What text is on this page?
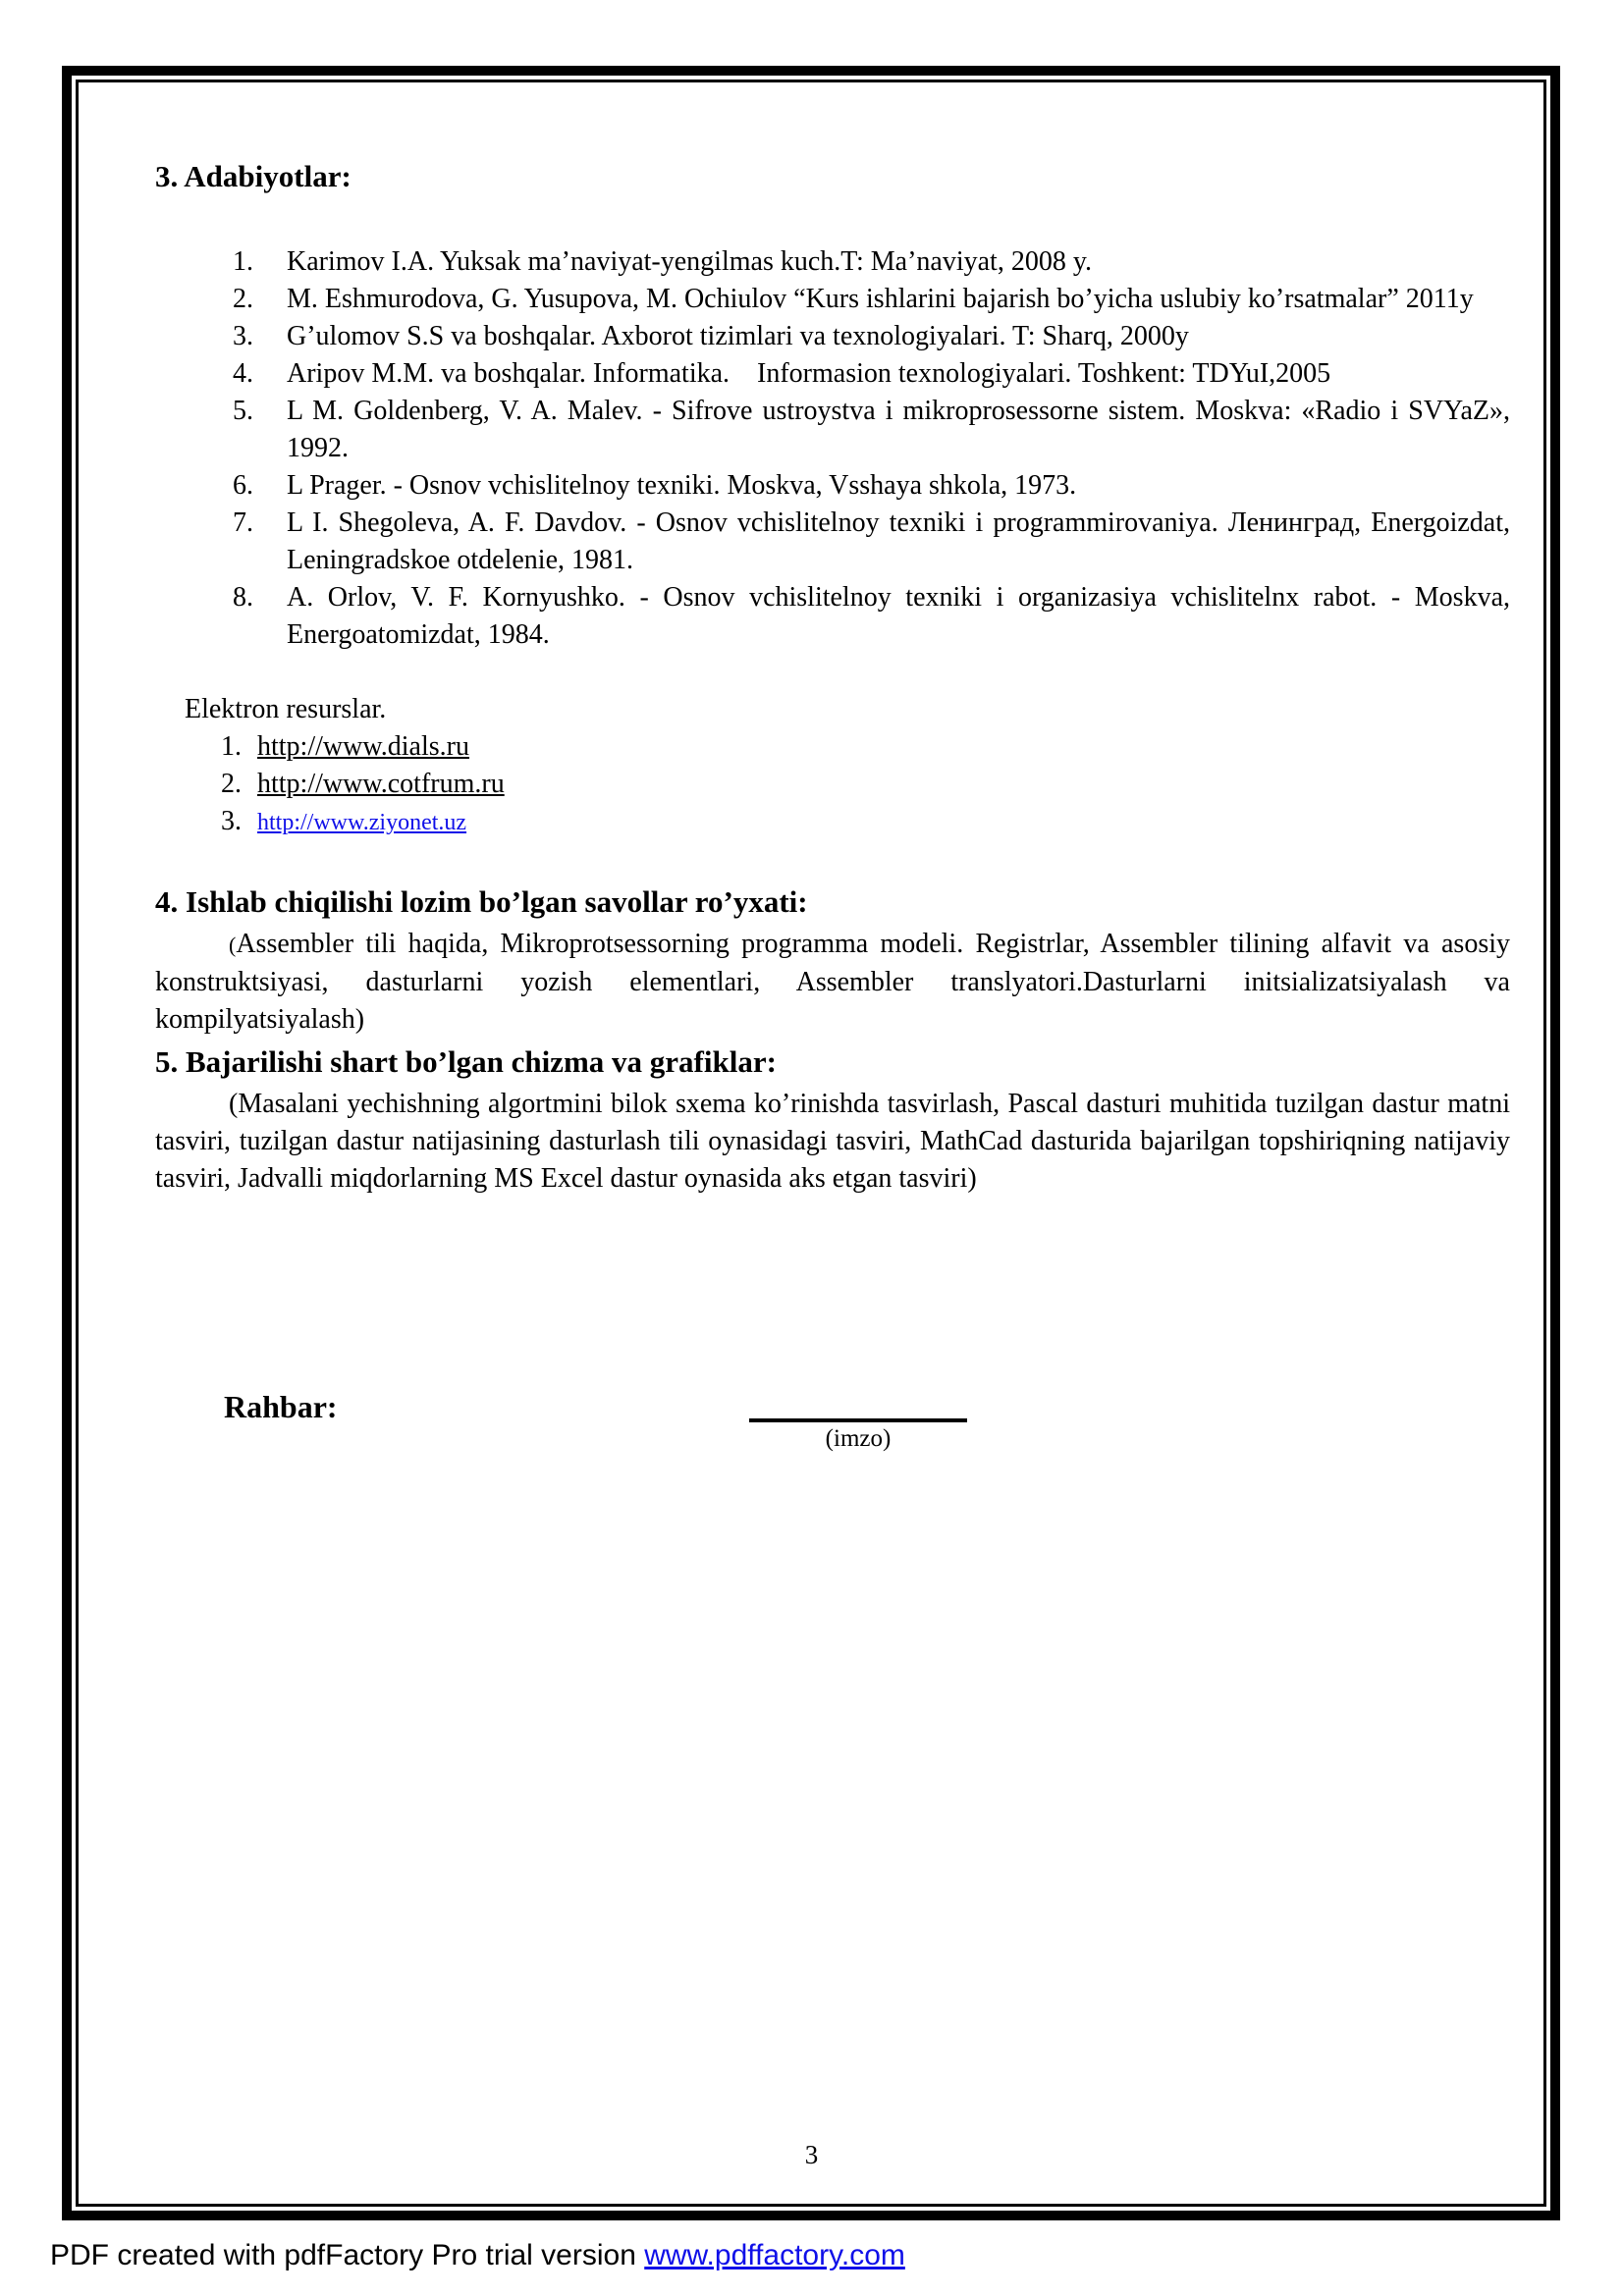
3. Adabiyotlar:
1. Karimov I.A. Yuksak ma’naviyat-yengilmas kuch.T: Ma’naviyat, 2008 y.
2. M. Eshmurodova, G. Yusupova, M. Ochiulov “Kurs ishlarini bajarish bo’yicha uslubiy ko’rsatmalar” 2011y
3. G’ulomov S.S va boshqalar. Axborot tizimlari va texnologiyalari. T: Sharq, 2000y
4. Aripov M.M. va boshqalar. Informatika.    Informasion texnologiyalari. Toshkent: TDYuI,2005
5. L M. Goldenberg, V. A. Malev. - Sifrove ustroystva i mikroprosessorne sistem. Moskva: «Radio i SVYaZ», 1992.
6. L Prager. - Osnov vchislitelnoy texniki. Moskva, Vsshaya shkola, 1973.
7. L I. Shegoleva, A. F. Davdov. - Osnov vchislitelnoy texniki i programmirovaniya. Ленинград, Energoizdat, Leningradskoe otdelenie, 1981.
8. A. Orlov, V. F. Kornyushko. - Osnov vchislitelnoy texniki i organizasiya vchislitelnx rabot. - Moskva, Energoatomizdat, 1984.
Elektron resurslar.
1. http://www.dials.ru
2. http://www.cotfrum.ru
3. http://www.ziyonet.uz
4. Ishlab chiqilishi lozim bo’lgan savollar ro’yxati:

(Assembler tili haqida, Mikroprotsessorning programma modeli. Registrlar, Assembler tilining alfavit va asosiy konstruktsiyasi, dasturlarni yozish elementlari, Assembler translyatori.Dasturlarni initsializatsiyalash va kompilyatsiyalash)

5. Bajarilishi shart bo’lgan chizma va grafiklar:

(Masalani yechishning algortmini bilok sxema ko’rinishda tasvirlash, Pascal dasturi muhitida tuzilgan dastur matni tasviri, tuzilgan dastur natijasining dasturlash tili oynasidagi tasviri, MathCad dasturida bajarilgan topshiriqning natijaviy tasviri, Jadvalli miqdorlarning MS Excel dastur oynasida aks etgan tasviri)

Rahbar:
(imzo)
3
PDF created with pdfFactory Pro trial version www.pdffactory.com
